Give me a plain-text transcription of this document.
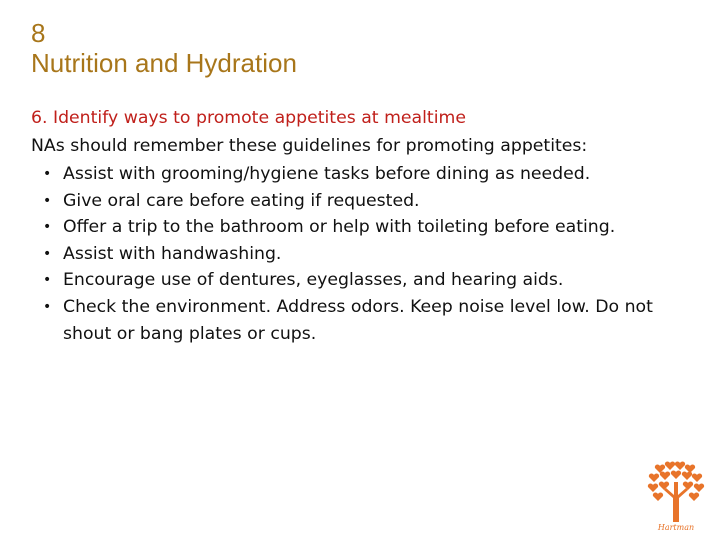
8
Nutrition and Hydration
6. Identify ways to promote appetites at mealtime
NAs should remember these guidelines for promoting appetites:
• Assist with grooming/hygiene tasks before dining as needed.
• Give oral care before eating if requested.
• Offer a trip to the bathroom or help with toileting before eating.
• Assist with handwashing.
• Encourage use of dentures, eyeglasses, and hearing aids.
• Check the environment. Address odors. Keep noise level low. Do not shout or bang plates or cups.
Hartman
